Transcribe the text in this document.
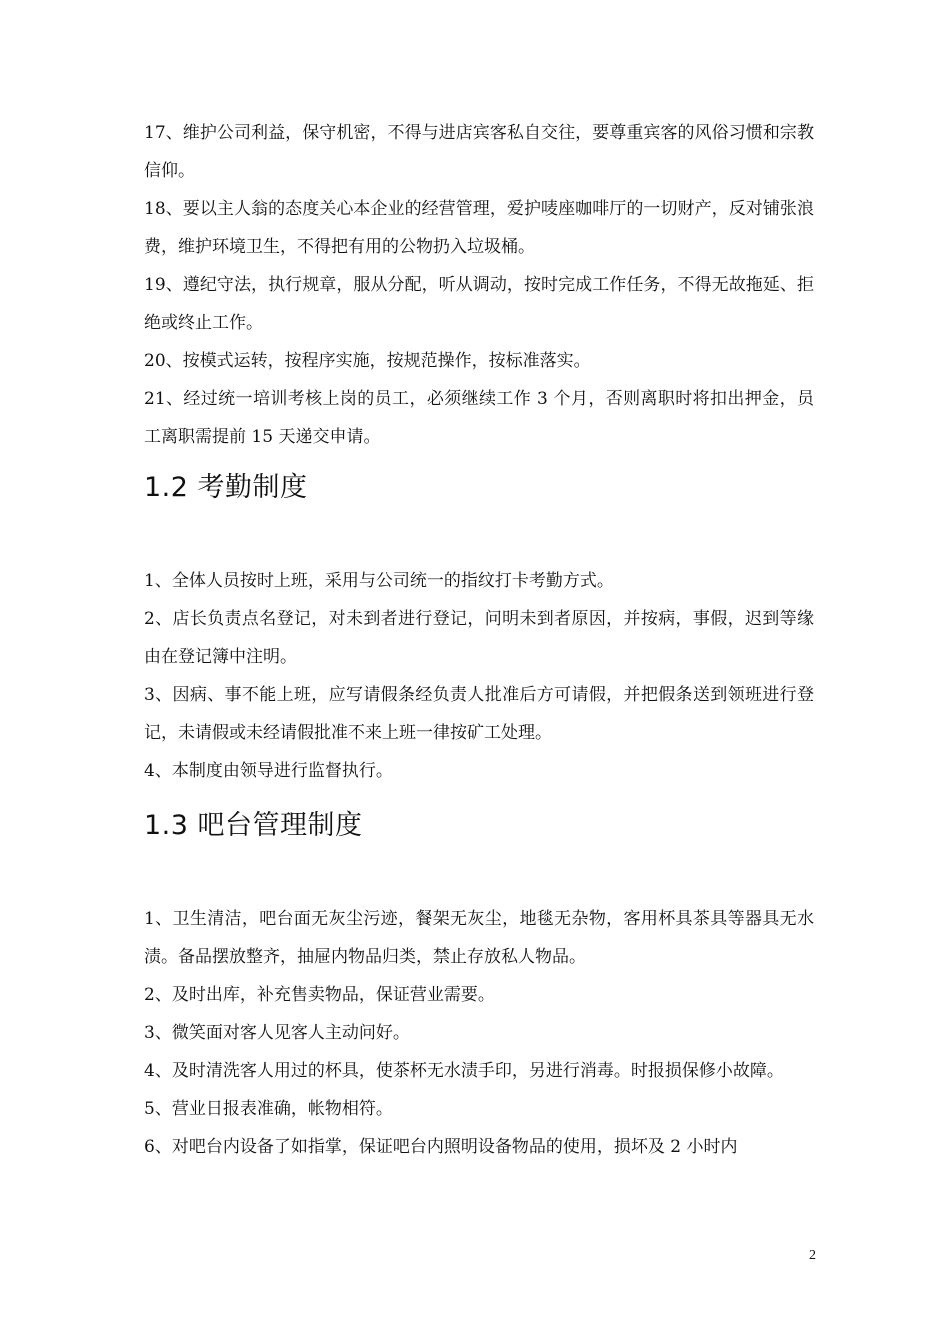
17、维护公司利益，保守机密，不得与进店宾客私自交往，要尊重宾客的风俗习惯和宗教信仰。

18、要以主人翁的态度关心本企业的经营管理，爱护唛座咖啡厅的一切财产，反对铺张浪费，维护环境卫生，不得把有用的公物扔入垃圾桶。

19、遵纪守法，执行规章，服从分配，听从调动，按时完成工作任务，不得无故拖延、拒绝或终止工作。

20、按模式运转，按程序实施，按规范操作，按标准落实。

21、经过统一培训考核上岗的员工，必须继续工作 3 个月，否则离职时将扣出押金，员工离职需提前 15 天递交申请。

1.2 考勤制度

1、全体人员按时上班，采用与公司统一的指纹打卡考勤方式。

2、店长负责点名登记，对未到者进行登记，问明未到者原因，并按病，事假，迟到等缘由在登记簿中注明。

3、因病、事不能上班，应写请假条经负责人批准后方可请假，并把假条送到领班进行登记，未请假或未经请假批准不来上班一律按矿工处理。

4、本制度由领导进行监督执行。

1.3 吧台管理制度

1、卫生清洁，吧台面无灰尘污迹，餐架无灰尘，地毯无杂物，客用杯具茶具等器具无水渍。备品摆放整齐，抽屉内物品归类，禁止存放私人物品。

2、及时出库，补充售卖物品，保证营业需要。

3、微笑面对客人见客人主动问好。

4、及时清洗客人用过的杯具，使茶杯无水渍手印，另进行消毒。时报损保修小故障。

5、营业日报表准确，帐物相符。

6、对吧台内设备了如指掌，保证吧台内照明设备物品的使用，损坏及 2 小时内

2
